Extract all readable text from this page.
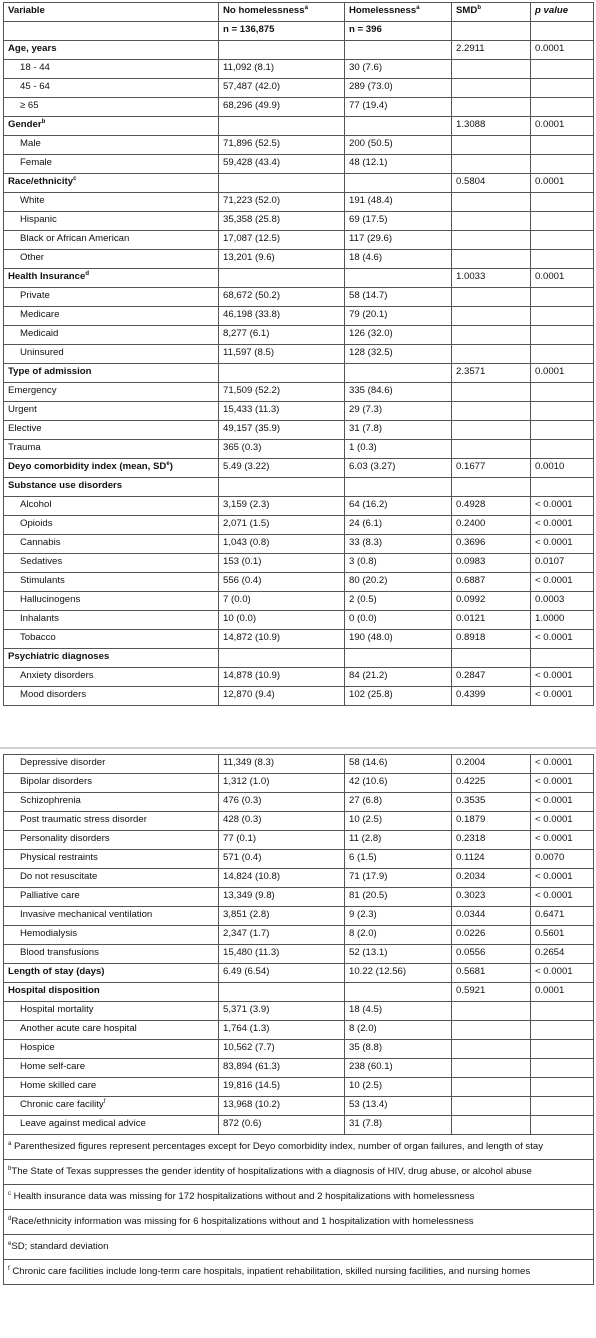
Variable	No homelessness$^a$	Homelessness$^a$	SMD$^b$	p value
	n = 136,875	n = 396		
Age, years			2.2911	0.0001
18 - 44	11,092 (8.1)	30 (7.6)		
45 - 64	57,487 (42.0)	289 (73.0)		
≥ 65	68,296 (49.9)	77 (19.4)		
Gender$^b$			1.3088	0.0001
Male	71,896 (52.5)	200 (50.5)		
Female	59,428 (43.4)	48 (12.1)		
Race/ethnicity$^c$			0.5804	0.0001
White	71,223 (52.0)	191 (48.4)		
Hispanic	35,358 (25.8)	69 (17.5)		
Black or African American	17,087 (12.5)	117 (29.6)		
Other	13,201 (9.6)	18 (4.6)		
Health Insurance$^d$			1.0033	0.0001
Private	68,672 (50.2)	58 (14.7)		
Medicare	46,198 (33.8)	79 (20.1)		
Medicaid	8,277 (6.1)	126 (32.0)		
Uninsured	11,597 (8.5)	128 (32.5)		
Type of admission			2.3571	0.0001
Emergency	71,509 (52.2)	335 (84.6)		
Urgent	15,433 (11.3)	29 (7.3)		
Elective	49,157 (35.9)	31 (7.8)		
Trauma	365 (0.3)	1 (0.3)		
Deyo comorbidity index (mean, $SD^e$)	5.49 (3.22)	6.03 (3.27)	0.1677	0.0010
Substance use disorders				
Alcohol	3,159 (2.3)	64 (16.2)	0.4928	< 0.0001
Opioids	2,071 (1.5)	24 (6.1)	0.2400	< 0.0001
Cannabis	1,043 (0.8)	33 (8.3)	0.3696	< 0.0001
Sedatives	153 (0.1)	3 (0.8)	0.0983	0.0107
Stimulants	556 (0.4)	80 (20.2)	0.6887	< 0.0001
Hallucinogens	7 (0.0)	2 (0.5)	0.0992	0.0003
Inhalants	10 (0.0)	0 (0.0)	0.0121	1.0000
Tobacco	14,872 (10.9)	190 (48.0)	0.8918	< 0.0001
Psychiatric diagnoses				
Anxiety disorders	14,878 (10.9)	84 (21.2)	0.2847	< 0.0001
Mood disorders	12,870 (9.4)	102 (25.8)	0.4399	< 0.0001
Depressive disorder	11,349 (8.3)	58 (14.6)	0.2004	< 0.0001
Bipolar disorders	1,312 (1.0)	42 (10.6)	0.4225	< 0.0001
Schizophrenia	476 (0.3)	27 (6.8)	0.3535	< 0.0001
Post traumatic stress disorder	428 (0.3)	10 (2.5)	0.1879	< 0.0001
Personality disorders	77 (0.1)	11 (2.8)	0.2318	< 0.0001
Physical restraints	571 (0.4)	6 (1.5)	0.1124	0.0070
Do not resuscitate	14,824 (10.8)	71 (17.9)	0.2034	< 0.0001
Palliative care	13,349 (9.8)	81 (20.5)	0.3023	< 0.0001
Invasive mechanical ventilation	3,851 (2.8)	9 (2.3)	0.0344	0.6471
Hemodialysis	2,347 (1.7)	8 (2.0)	0.0226	0.5601
Blood transfusions	15,480 (11.3)	52 (13.1)	0.0556	0.2654
Length of stay (days)	6.49 (6.54)	10.22 (12.56)	0.5681	< 0.0001
Hospital disposition			0.5921	0.0001
Hospital mortality	5,371 (3.9)	18 (4.5)		
Another acute care hospital	1,764 (1.3)	8 (2.0)		
Hospice	10,562 (7.7)	35 (8.8)		
Home self-care	83,894 (61.3)	238 (60.1)		
Home skilled care	19,816 (14.5)	10 (2.5)		
Chronic care facility$^f$	13,968 (10.2)	53 (13.4)		
Leave against medical advice	872 (0.6)	31 (7.8)		
$^a$ Parenthesized figures represent percentages except for Deyo comorbidity index, number of organ failures, and length of stay				
$^b$The State of Texas suppresses the gender identity of hospitalizations with a diagnosis of HIV, drug abuse, or alcohol abuse				
$^c$ Health insurance data was missing for 172 hospitalizations without and 2 hospitalizations with homelessness				
$^d$Race/ethnicity information was missing for 6 hospitalizations without and 1 hospitalization with homelessness				
$^e$SD; standard deviation				
$^f$ Chronic care facilities include long-term care hospitals, inpatient rehabilitation, skilled nursing facilities, and nursing homes				
